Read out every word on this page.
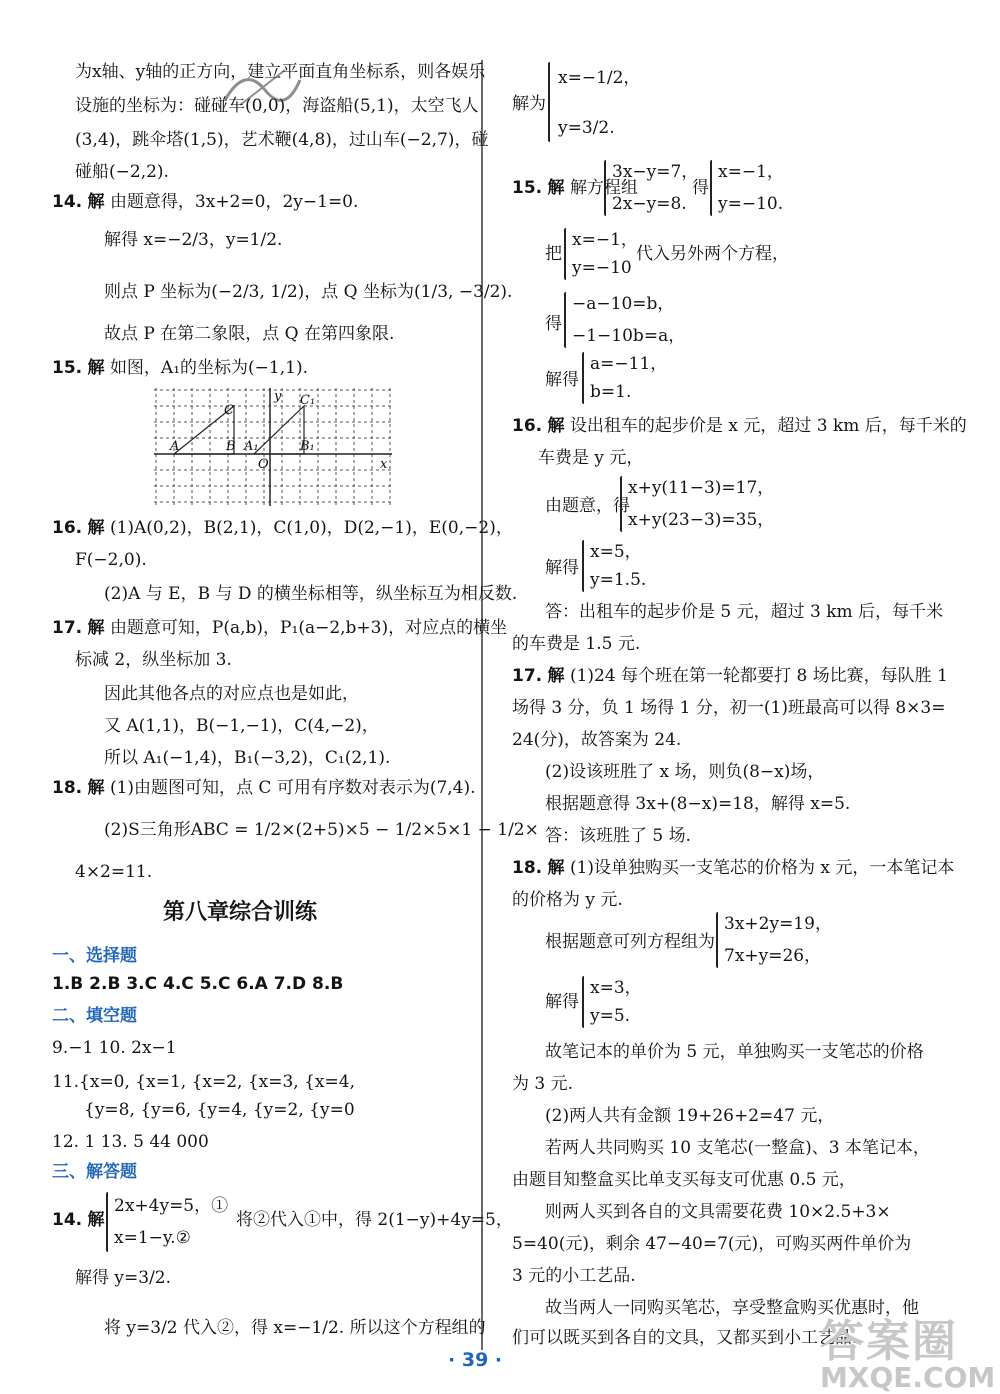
为x轴、y轴的正方向，建立平面直角坐标系，则各娱乐
设施的坐标为：碰碰车(0,0)，海盗船(5,1)，太空飞人
(3,4)，跳伞塔(1,5)，艺术鞭(4,8)，过山车(−2,7)，碰
碰船(−2,2).
14. 解 由题意得，3x+2=0，2y−1=0.
解得 x=−2/3，y=1/2.
则点 P 坐标为(−2/3, 1/2)，点 Q 坐标为(1/3, −3/2).
故点 P 在第二象限，点 Q 在第四象限.
15. 解 如图，A₁的坐标为(−1,1).
A	B
C
A₁	B₁
C₁
O	x
y
16. 解 (1)A(0,2)，B(2,1)，C(1,0)，D(2,−1)，E(0,−2)，
F(−2,0).
(2)A 与 E，B 与 D 的横坐标相等，纵坐标互为相反数.
17. 解 由题意可知，P(a,b)，P₁(a−2,b+3)，对应点的横坐
标减 2，纵坐标加 3.
因此其他各点的对应点也是如此，
又 A(1,1)，B(−1,−1)，C(4,−2)，
所以 A₁(−1,4)，B₁(−3,2)，C₁(2,1).
18. 解 (1)由题图可知，点 C 可用有序数对表示为(7,4).
(2)S三角形ABC = 1/2×(2+5)×5 − 1/2×5×1 − 1/2×
4×2=11.
第八章综合训练
一、选择题
1.B 2.B 3.C 4.C 5.C 6.A 7.D 8.B
二、填空题
9.−1 10. 2x−1
11.{x=0, {x=1, {x=2, {x=3, {x=4,
{y=8, {y=6, {y=4, {y=2, {y=0
12. 1 13. 5 44 000
三、解答题
14. 解
2x+4y=5，①
x=1−y.②
将②代入①中，得 2(1−y)+4y=5，
解得 y=3/2.
将 y=3/2 代入②，得 x=−1/2. 所以这个方程组的
解为
x=−1/2，
y=3/2.
15. 解 解方程组
3x−y=7，
2x−y=8.
得
x=−1，
y=−10.
把
x=−1，
y=−10
代入另外两个方程，
得
−a−10=b，
−1−10b=a，
解得
a=−11，
b=1.
16. 解 设出租车的起步价是 x 元，超过 3 km 后，每千米的
车费是 y 元，
由题意，得
x+y(11−3)=17，
x+y(23−3)=35，
解得
x=5，
y=1.5.
答：出租车的起步价是 5 元，超过 3 km 后，每千米
的车费是 1.5 元.
17. 解 (1)24 每个班在第一轮都要打 8 场比赛，每队胜 1
场得 3 分，负 1 场得 1 分，初一(1)班最高可以得 8×3=
24(分)，故答案为 24.
(2)设该班胜了 x 场，则负(8−x)场，
根据题意得 3x+(8−x)=18，解得 x=5.
答：该班胜了 5 场.
18. 解 (1)设单独购买一支笔芯的价格为 x 元，一本笔记本
的价格为 y 元.
根据题意可列方程组为
3x+2y=19，
7x+y=26，
解得
x=3，
y=5.
故笔记本的单价为 5 元，单独购买一支笔芯的价格
为 3 元.
(2)两人共有金额 19+26+2=47 元，
若两人共同购买 10 支笔芯(一整盒)、3 本笔记本，
由题目知整盒买比单支买每支可优惠 0.5 元，
则两人买到各自的文具需要花费 10×2.5+3×
5=40(元)，剩余 47−40=7(元)，可购买两件单价为
3 元的小工艺品.
故当两人一同购买笔芯，享受整盒购买优惠时，他
们可以既买到各自的文具，又都买到小工艺品.
· 39 ·	答案圈
MXQE.COM
